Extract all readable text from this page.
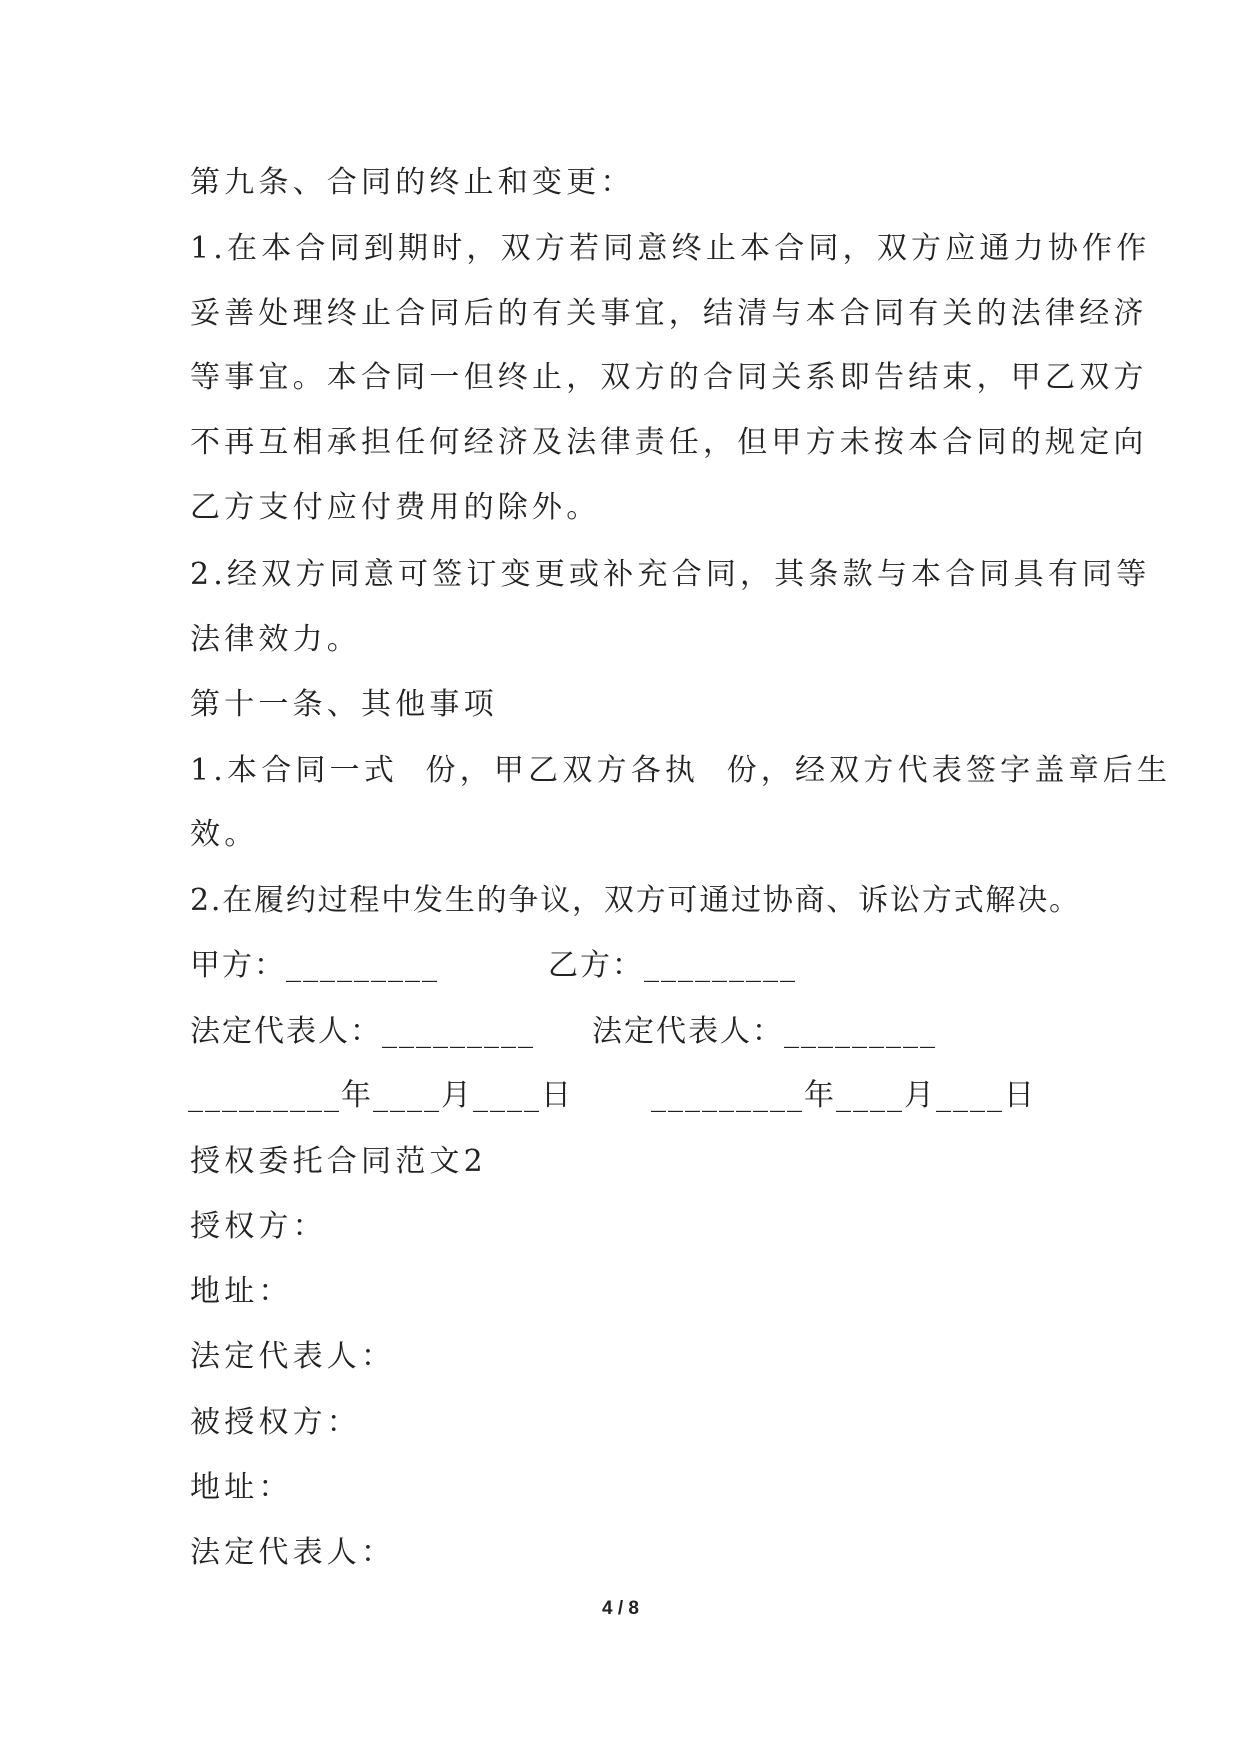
第九条、合同的终止和变更：
1.在本合同到期时，双方若同意终止本合同，双方应通力协作作
妥善处理终止合同后的有关事宜，结清与本合同有关的法律经济
等事宜。本合同一但终止，双方的合同关系即告结束，甲乙双方
不再互相承担任何经济及法律责任，但甲方未按本合同的规定向
乙方支付应付费用的除外。
2.经双方同意可签订变更或补充合同，其条款与本合同具有同等
法律效力。
第十一条、其他事项
1.本合同一式  份，甲乙双方各执  份，经双方代表签字盖章后生
效。
2.在履约过程中发生的争议，双方可通过协商、诉讼方式解决。
甲方：_________	乙方：_________
法定代表人：_________ 法定代表人：_________
_________年____月____日	_________年____月____日
授权委托合同范文2
授权方：
地址：
法定代表人：
被授权方：
地址：
法定代表人：
4 / 8
